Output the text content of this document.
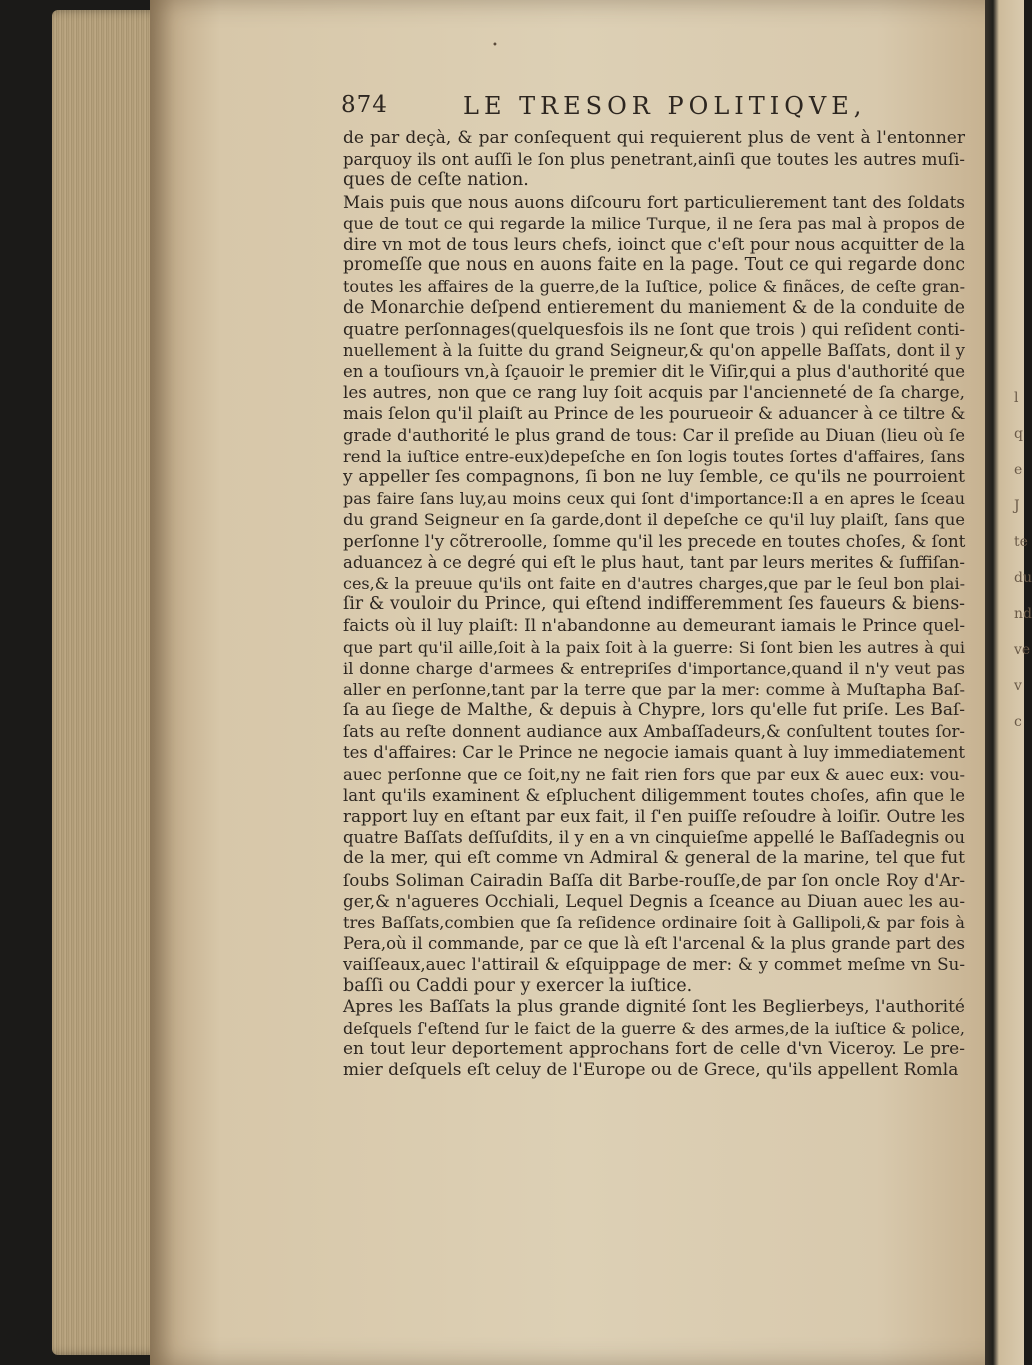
•
874	LE TRESOR POLITIQVE,
de par deçà, & par conſequent qui requierent plus de vent à l'entonner
parquoy ils ont auſſi le ſon plus penetrant,ainſi que toutes les autres muſi-
ques de ceſte nation.
Mais puis que nous auons diſcouru fort particulierement tant des ſoldats
que de tout ce qui regarde la milice Turque, il ne ſera pas mal à propos de
dire vn mot de tous leurs chefs, ioinct que c'eſt pour nous acquitter de la
promeſſe que nous en auons faite en la page. Tout ce qui regarde donc
toutes les affaires de la guerre,de la Iuſtice, police & finãces, de ceſte gran-
de Monarchie deſpend entierement du maniement & de la conduite de
quatre perſonnages(quelquesfois ils ne ſont que trois ) qui reſident conti-
nuellement à la ſuitte du grand Seigneur,& qu'on appelle Baſſats, dont il y
en a touſiours vn,à ſçauoir le premier dit le Viſir,qui a plus d'authorité que
les autres, non que ce rang luy ſoit acquis par l'ancienneté de ſa charge,
mais ſelon qu'il plaiſt au Prince de les pourueoir & aduancer à ce tiltre &
grade d'authorité le plus grand de tous: Car il preſide au Diuan (lieu où ſe
rend la iuſtice entre-eux)depeſche en ſon logis toutes ſortes d'affaires, ſans
y appeller ſes compagnons, ſi bon ne luy ſemble, ce qu'ils ne pourroient
pas faire ſans luy,au moins ceux qui ſont d'importance:Il a en apres le ſceau
du grand Seigneur en ſa garde,dont il depeſche ce qu'il luy plaiſt, ſans que
perſonne l'y cõtreroolle, ſomme qu'il les precede en toutes choſes, & ſont
aduancez à ce degré qui eſt le plus haut, tant par leurs merites & ſuffiſan-
ces,& la preuue qu'ils ont faite en d'autres charges,que par le ſeul bon plai-
ſir & vouloir du Prince, qui eſtend indifferemment ſes faueurs & biens-
faicts où il luy plaiſt: Il n'abandonne au demeurant iamais le Prince quel-
que part qu'il aille,ſoit à la paix ſoit à la guerre: Si ſont bien les autres à qui
il donne charge d'armees & entrepriſes d'importance,quand il n'y veut pas
aller en perſonne,tant par la terre que par la mer: comme à Muſtapha Baſ-
ſa au ſiege de Malthe, & depuis à Chypre, lors qu'elle fut priſe. Les Baſ-
ſats au reſte donnent audiance aux Ambaſſadeurs,& conſultent toutes ſor-
tes d'affaires: Car le Prince ne negocie iamais quant à luy immediatement
auec perſonne que ce ſoit,ny ne fait rien fors que par eux & auec eux: vou-
lant qu'ils examinent & eſpluchent diligemment toutes choſes, afin que le
rapport luy en eſtant par eux fait, il ſ'en puiſſe reſoudre à loiſir. Outre les
quatre Baſſats deſſuſdits, il y en a vn cinquieſme appellé le Baſſadegnis ou
de la mer, qui eſt comme vn Admiral & general de la marine, tel que fut
ſoubs Soliman Cairadin Baſſa dit Barbe-rouſſe,de par ſon oncle Roy d'Ar-
ger,& n'agueres Occhiali, Lequel Degnis a ſceance au Diuan auec les au-
tres Baſſats,combien que ſa reſidence ordinaire ſoit à Gallipoli,& par fois à
Pera,où il commande, par ce que là eſt l'arcenal & la plus grande part des
vaiſſeaux,auec l'attirail & eſquippage de mer: & y commet meſme vn Su-
baſſi ou Caddi pour y exercer la iuſtice.
Apres les Baſſats la plus grande dignité ſont les Beglierbeys, l'authorité
deſquels ſ'eſtend ſur le faict de la guerre & des armes,de la iuſtice & police,
en tout leur deportement approchans fort de celle d'vn Viceroy. Le pre-
mier deſquels eſt celuy de l'Europe ou de Grece, qu'ils appellent Romla
l
q
e
J
te
du
nd
ve
v
c
